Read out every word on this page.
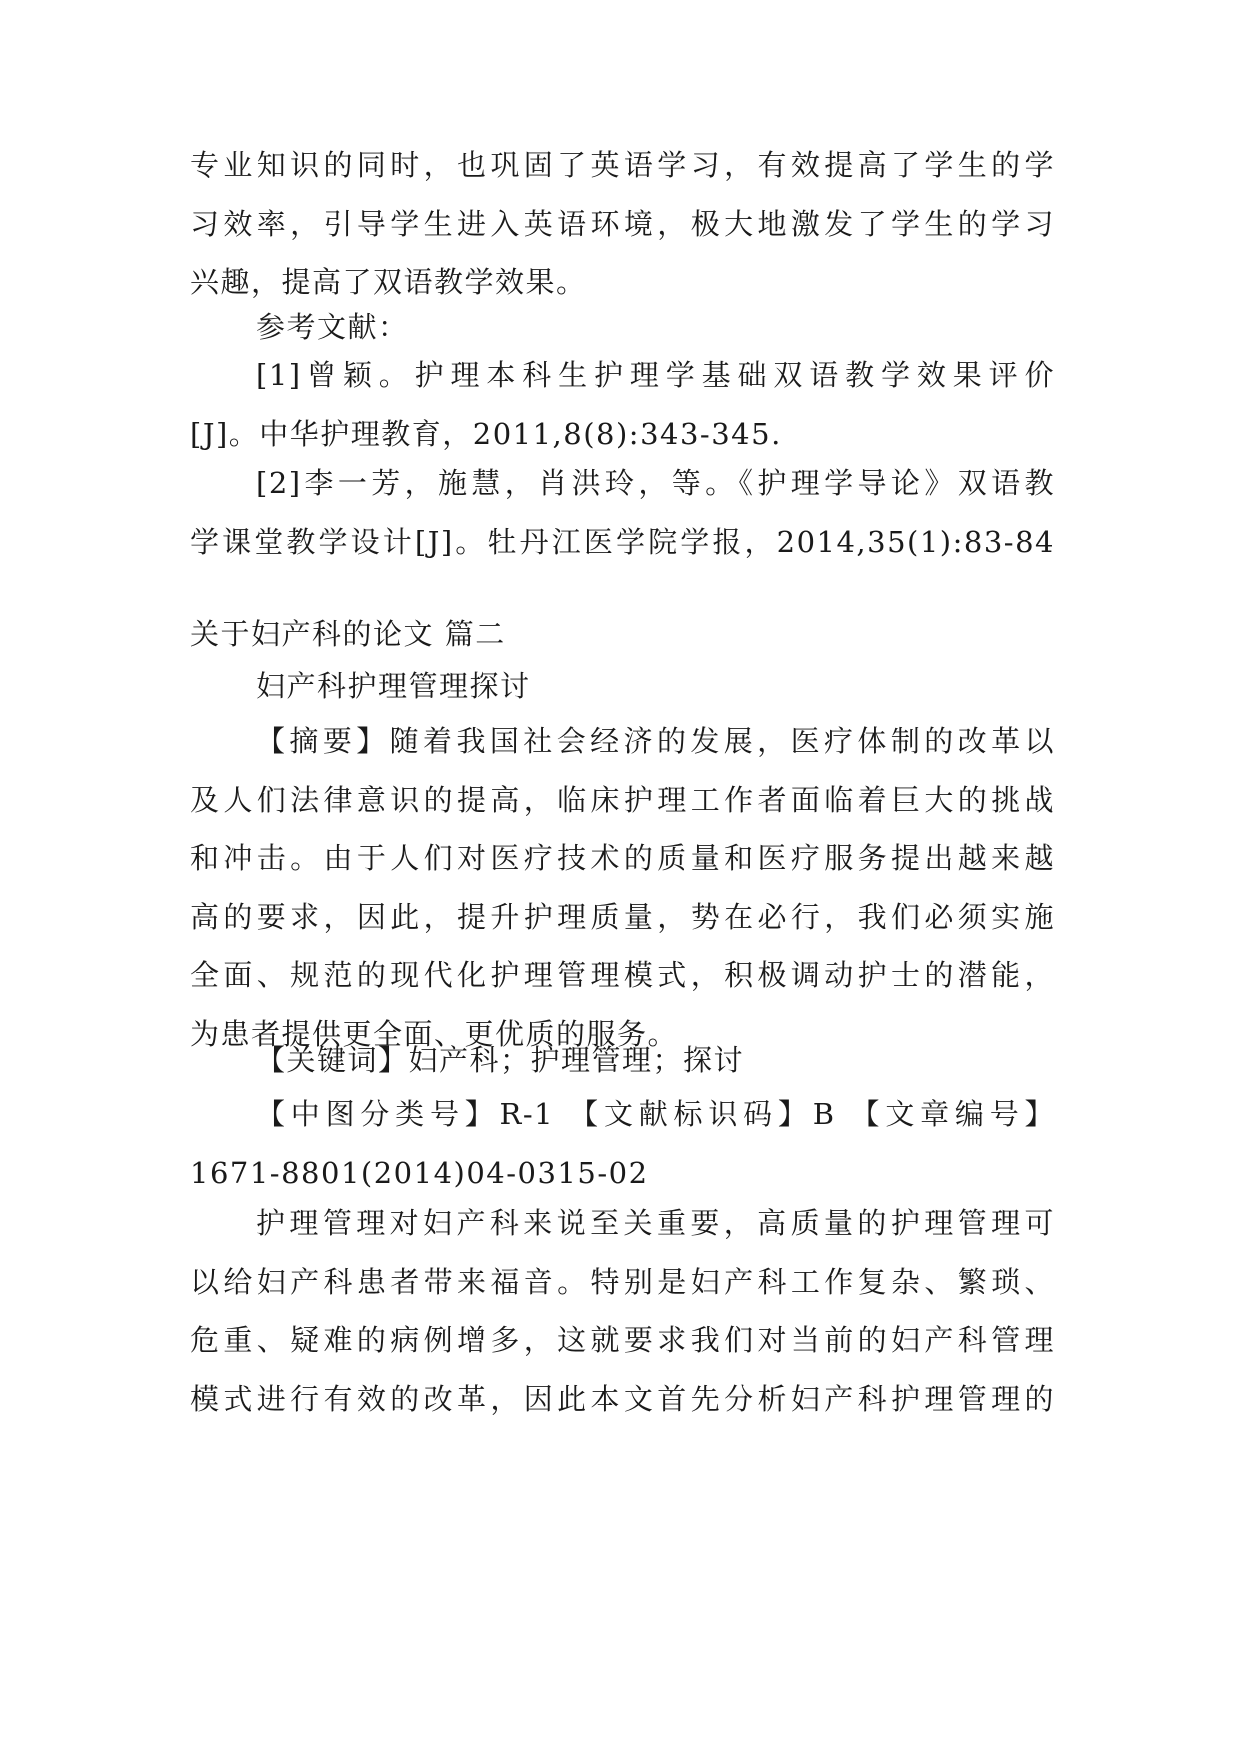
专业知识的同时，也巩固了英语学习，有效提高了学生的学
习效率，引导学生进入英语环境，极大地激发了学生的学习
兴趣，提高了双语教学效果。
参考文献：
[1]曾颖。护理本科生护理学基础双语教学效果评价
[J]。中华护理教育，2011,8(8):343-345.
[2]李一芳，施慧，肖洪玲，等。《护理学导论》双语教
学课堂教学设计[J]。牡丹江医学院学报，2014,35(1):83-84
关于妇产科的论文 篇二
妇产科护理管理探讨
【摘要】随着我国社会经济的发展，医疗体制的改革以
及人们法律意识的提高，临床护理工作者面临着巨大的挑战
和冲击。由于人们对医疗技术的质量和医疗服务提出越来越
高的要求，因此，提升护理质量，势在必行，我们必须实施
全面、规范的现代化护理管理模式，积极调动护士的潜能，
为患者提供更全面、更优质的服务。
【关键词】妇产科；护理管理；探讨
【中图分类号】R-1 【文献标识码】B 【文章编号】
1671-8801(2014)04-0315-02
护理管理对妇产科来说至关重要，高质量的护理管理可
以给妇产科患者带来福音。特别是妇产科工作复杂、繁琐、
危重、疑难的病例增多，这就要求我们对当前的妇产科管理
模式进行有效的改革，因此本文首先分析妇产科护理管理的
